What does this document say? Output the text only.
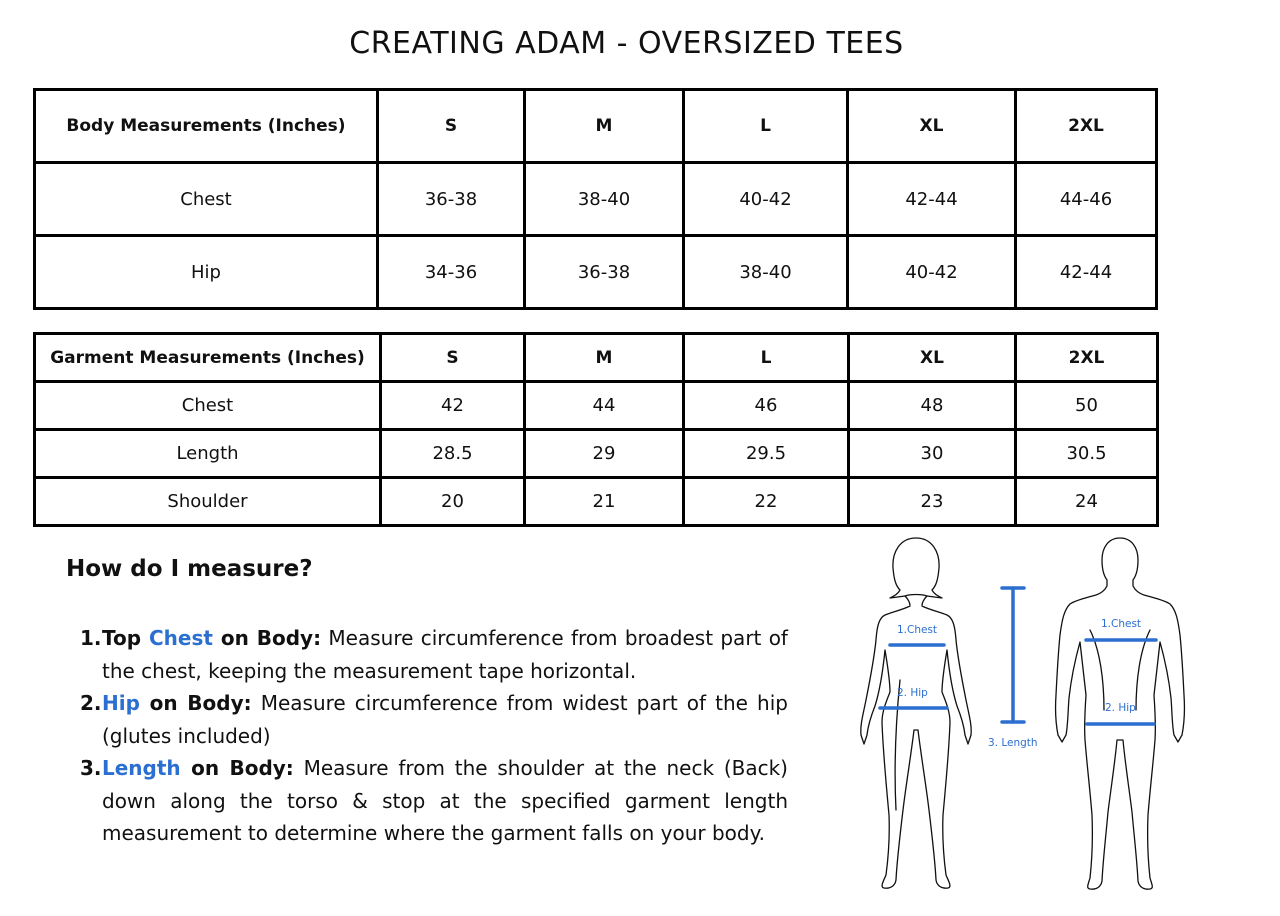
CREATING ADAM - OVERSIZED TEES
Body Measurements (Inches)	S	M	L	XL	2XL
Chest	36-38	38-40	40-42	42-44	44-46
Hip	34-36	36-38	38-40	40-42	42-44
Garment Measurements (Inches)	S	M	L	XL	2XL
Chest	42	44	46	48	50
Length	28.5	29	29.5	30	30.5
Shoulder	20	21	22	23	24
How do I measure?
1. Top Chest on Body: Measure circumference from broadest part of the chest, keeping the measurement tape horizontal.
2. Hip on Body: Measure circumference from widest part of the hip (glutes included)
3. Length on Body: Measure from the shoulder at the neck (Back) down along the torso & stop at the specified garment length measurement to determine where the garment falls on your body.
1.Chest
2. Hip
3. Length
1.Chest
2. Hip
